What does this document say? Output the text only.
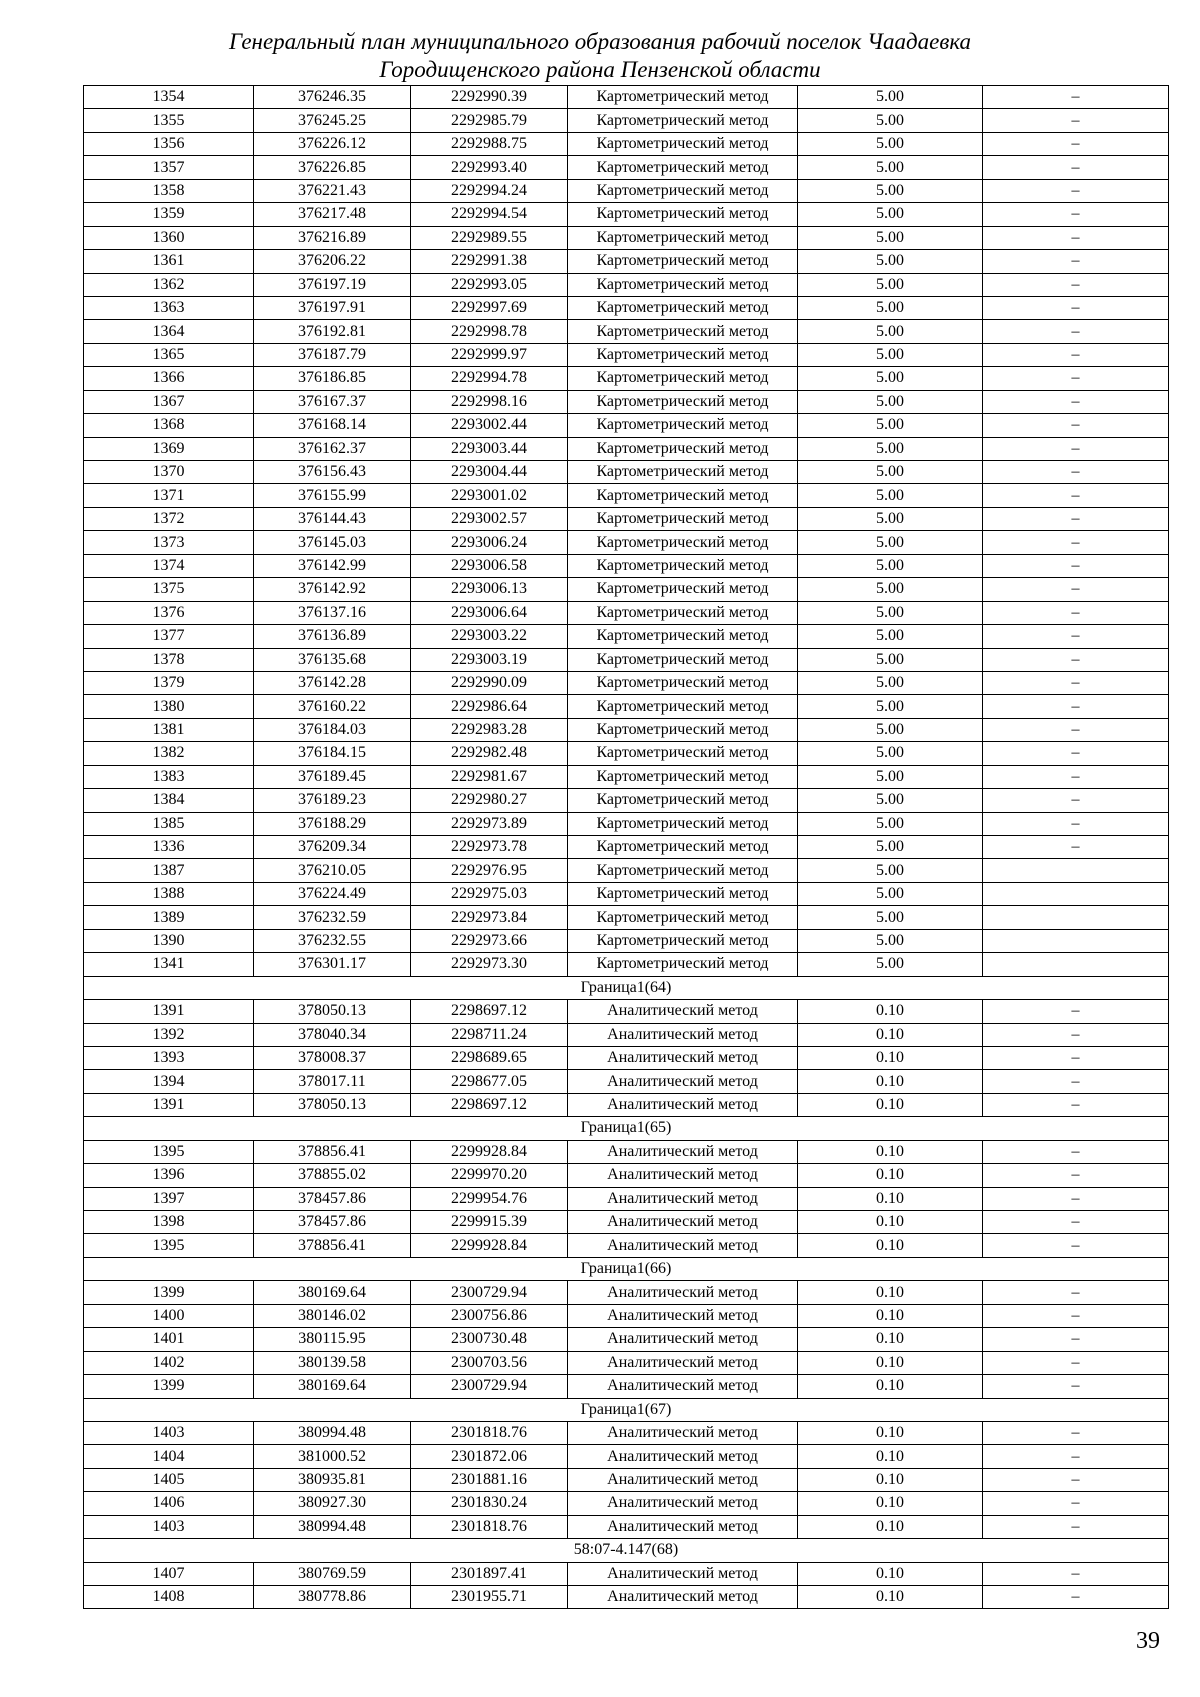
Генеральный план муниципального образования рабочий поселок Чаадаевка
Городищенского района Пензенской области
1354	376246.35	2292990.39	Картометрический метод	5.00	–
1355	376245.25	2292985.79	Картометрический метод	5.00	–
1356	376226.12	2292988.75	Картометрический метод	5.00	–
1357	376226.85	2292993.40	Картометрический метод	5.00	–
1358	376221.43	2292994.24	Картометрический метод	5.00	–
1359	376217.48	2292994.54	Картометрический метод	5.00	–
1360	376216.89	2292989.55	Картометрический метод	5.00	–
1361	376206.22	2292991.38	Картометрический метод	5.00	–
1362	376197.19	2292993.05	Картометрический метод	5.00	–
1363	376197.91	2292997.69	Картометрический метод	5.00	–
1364	376192.81	2292998.78	Картометрический метод	5.00	–
1365	376187.79	2292999.97	Картометрический метод	5.00	–
1366	376186.85	2292994.78	Картометрический метод	5.00	–
1367	376167.37	2292998.16	Картометрический метод	5.00	–
1368	376168.14	2293002.44	Картометрический метод	5.00	–
1369	376162.37	2293003.44	Картометрический метод	5.00	–
1370	376156.43	2293004.44	Картометрический метод	5.00	–
1371	376155.99	2293001.02	Картометрический метод	5.00	–
1372	376144.43	2293002.57	Картометрический метод	5.00	–
1373	376145.03	2293006.24	Картометрический метод	5.00	–
1374	376142.99	2293006.58	Картометрический метод	5.00	–
1375	376142.92	2293006.13	Картометрический метод	5.00	–
1376	376137.16	2293006.64	Картометрический метод	5.00	–
1377	376136.89	2293003.22	Картометрический метод	5.00	–
1378	376135.68	2293003.19	Картометрический метод	5.00	–
1379	376142.28	2292990.09	Картометрический метод	5.00	–
1380	376160.22	2292986.64	Картометрический метод	5.00	–
1381	376184.03	2292983.28	Картометрический метод	5.00	–
1382	376184.15	2292982.48	Картометрический метод	5.00	–
1383	376189.45	2292981.67	Картометрический метод	5.00	–
1384	376189.23	2292980.27	Картометрический метод	5.00	–
1385	376188.29	2292973.89	Картометрический метод	5.00	–
1336	376209.34	2292973.78	Картометрический метод	5.00	–
1387	376210.05	2292976.95	Картометрический метод	5.00	
1388	376224.49	2292975.03	Картометрический метод	5.00	
1389	376232.59	2292973.84	Картометрический метод	5.00	
1390	376232.55	2292973.66	Картометрический метод	5.00	
1341	376301.17	2292973.30	Картометрический метод	5.00	
Граница1(64)					
1391	378050.13	2298697.12	Аналитический метод	0.10	–
1392	378040.34	2298711.24	Аналитический метод	0.10	–
1393	378008.37	2298689.65	Аналитический метод	0.10	–
1394	378017.11	2298677.05	Аналитический метод	0.10	–
1391	378050.13	2298697.12	Аналитический метод	0.10	–
Граница1(65)					
1395	378856.41	2299928.84	Аналитический метод	0.10	–
1396	378855.02	2299970.20	Аналитический метод	0.10	–
1397	378457.86	2299954.76	Аналитический метод	0.10	–
1398	378457.86	2299915.39	Аналитический метод	0.10	–
1395	378856.41	2299928.84	Аналитический метод	0.10	–
Граница1(66)					
1399	380169.64	2300729.94	Аналитический метод	0.10	–
1400	380146.02	2300756.86	Аналитический метод	0.10	–
1401	380115.95	2300730.48	Аналитический метод	0.10	–
1402	380139.58	2300703.56	Аналитический метод	0.10	–
1399	380169.64	2300729.94	Аналитический метод	0.10	–
Граница1(67)					
1403	380994.48	2301818.76	Аналитический метод	0.10	–
1404	381000.52	2301872.06	Аналитический метод	0.10	–
1405	380935.81	2301881.16	Аналитический метод	0.10	–
1406	380927.30	2301830.24	Аналитический метод	0.10	–
1403	380994.48	2301818.76	Аналитический метод	0.10	–
58:07-4.147(68)					
1407	380769.59	2301897.41	Аналитический метод	0.10	–
1408	380778.86	2301955.71	Аналитический метод	0.10	–
39
